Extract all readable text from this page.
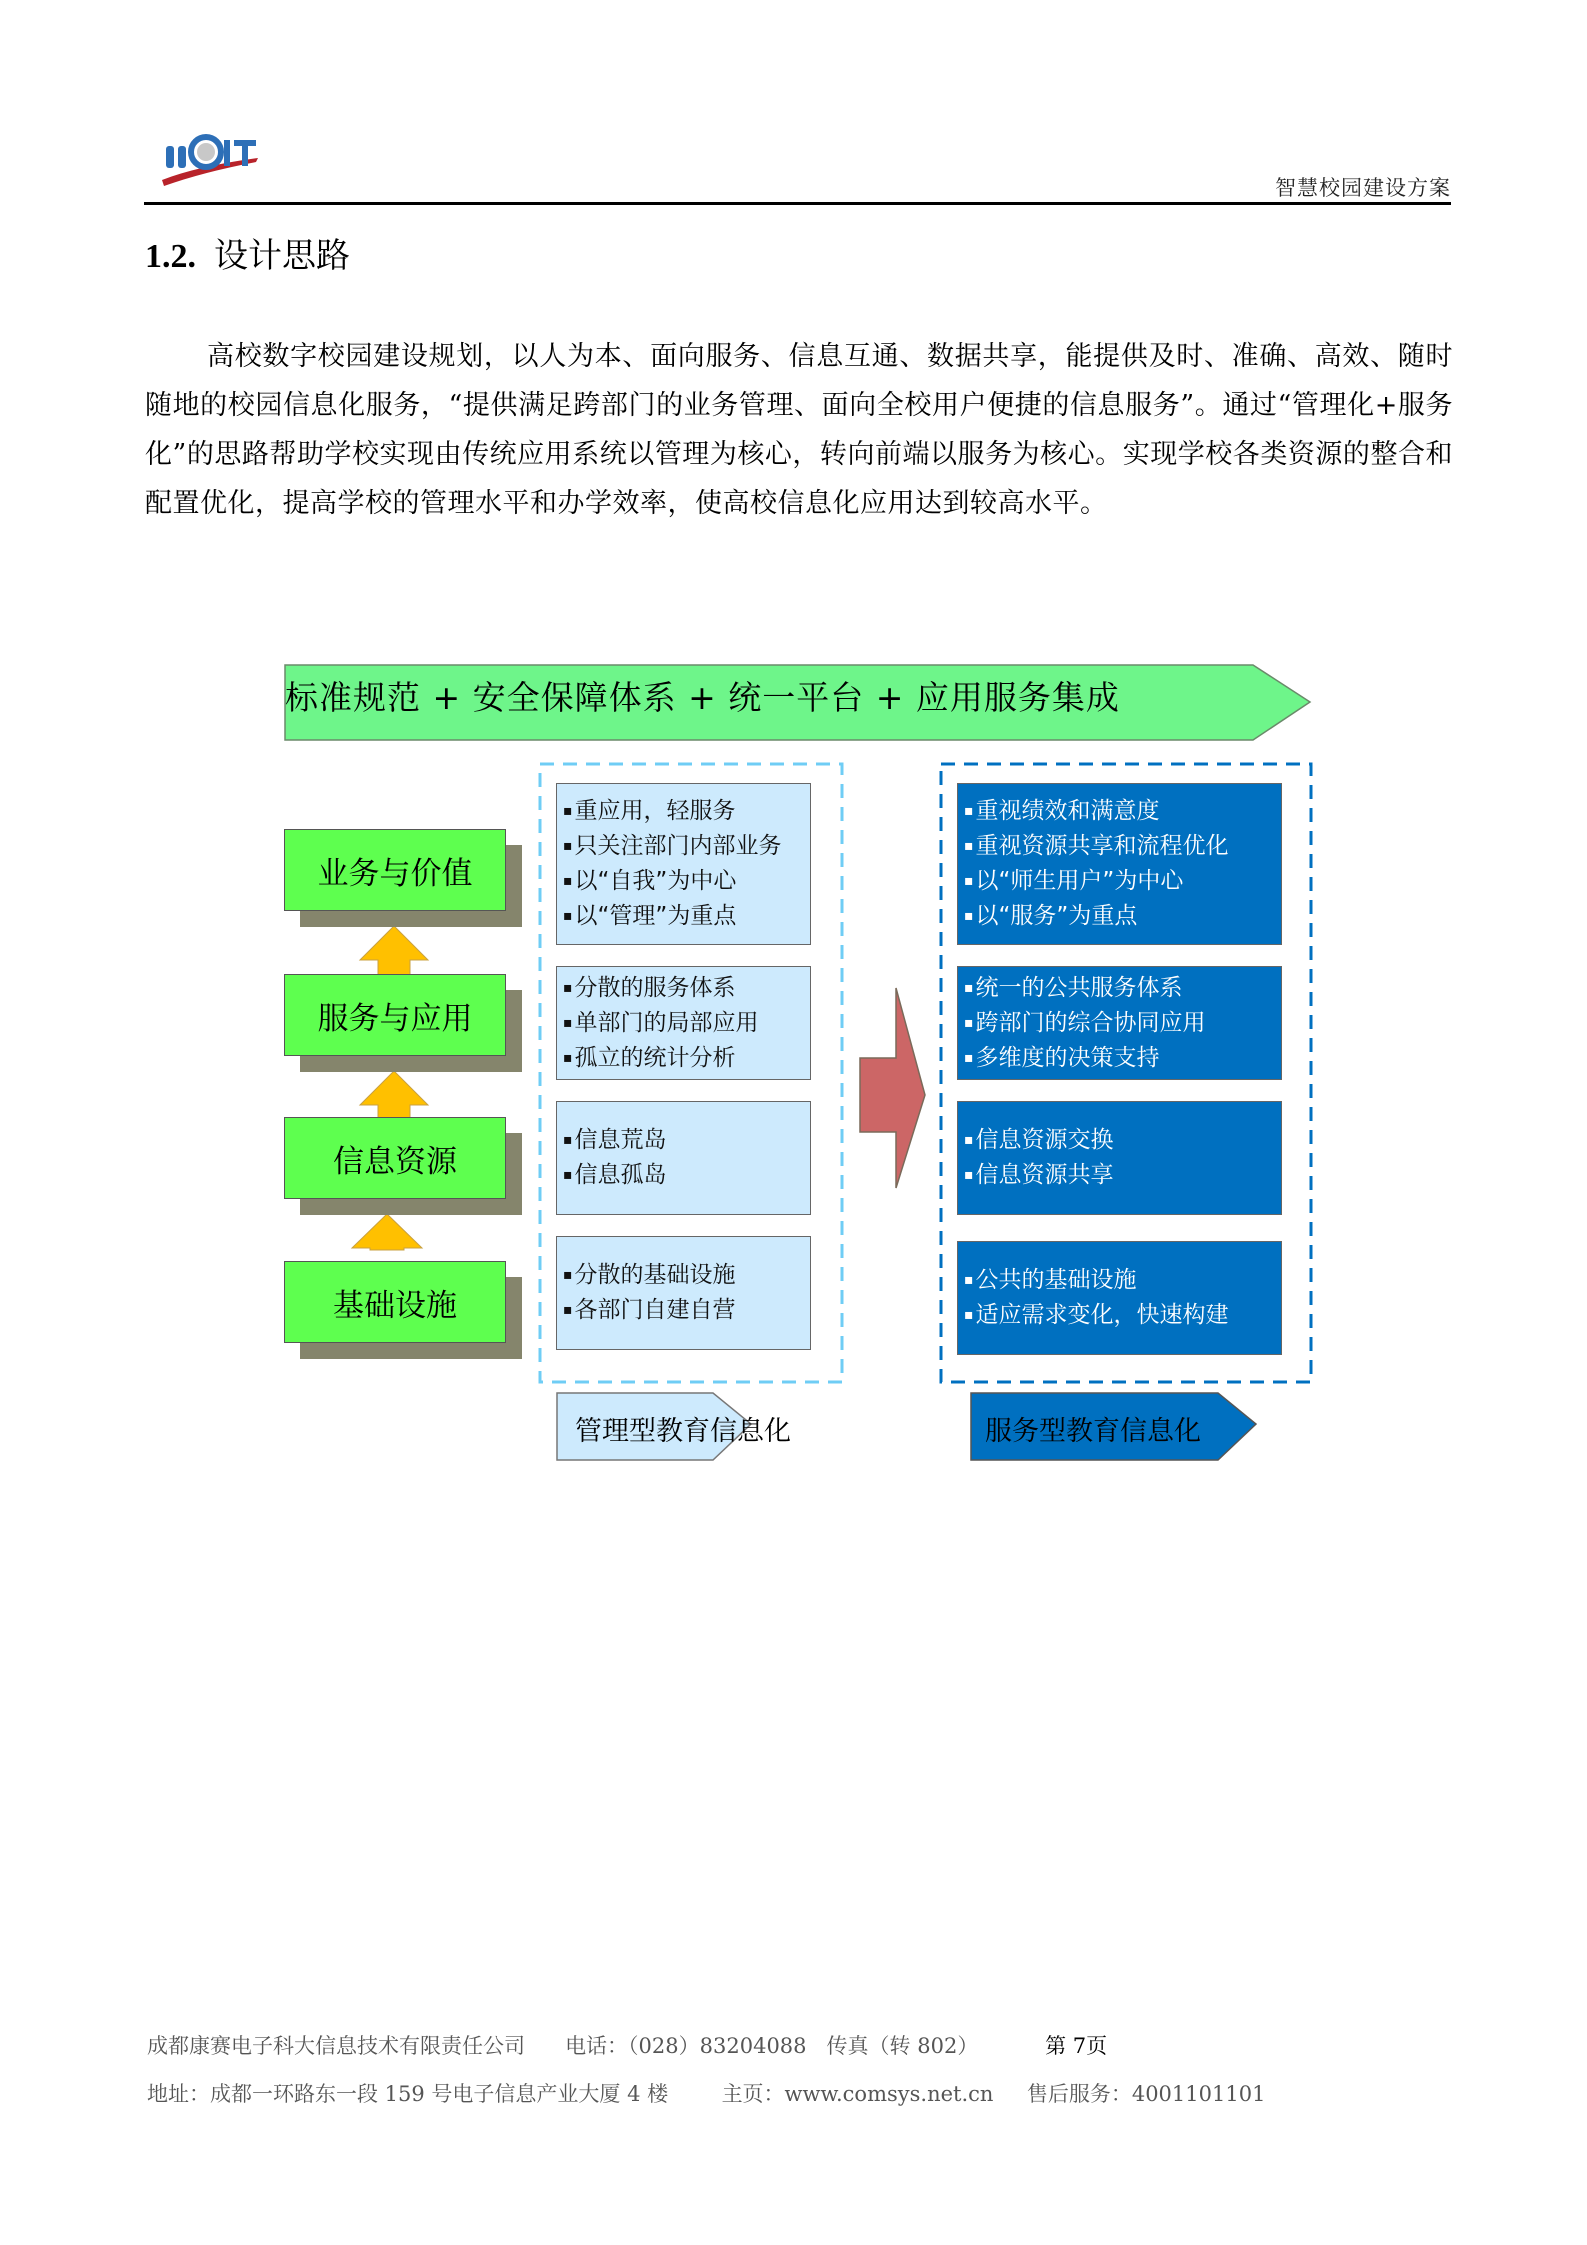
智慧校园建设方案
1.2. 设计思路
高校数字校园建设规划，以人为本、面向服务、信息互通、数据共享，能提供及时、准确、高效、随时随地的校园信息化服务，“提供满足跨部门的业务管理、面向全校用户便捷的信息服务”。通过“管理化+服务化”的思路帮助学校实现由传统应用系统以管理为核心，转向前端以服务为核心。实现学校各类资源的整合和配置优化，提高学校的管理水平和办学效率，使高校信息化应用达到较高水平。
标准规范 + 安全保障体系 + 统一平台 + 应用服务集成
业务与价值
服务与应用
信息资源
基础设施
▪ 重应用，轻服务
▪ 只关注部门内部业务
▪ 以“自我”为中心
▪ 以“管理”为重点
▪ 分散的服务体系
▪ 单部门的局部应用
▪ 孤立的统计分析
▪ 信息荒岛
▪ 信息孤岛
▪ 分散的基础设施
▪ 各部门自建自营
▪ 重视绩效和满意度
▪ 重视资源共享和流程优化
▪ 以“师生用户”为中心
▪ 以“服务”为重点
▪ 统一的公共服务体系
▪ 跨部门的综合协同应用
▪ 多维度的决策支持
▪ 信息资源交换
▪ 信息资源共享
▪ 公共的基础设施
▪ 适应需求变化，快速构建
管理型教育信息化	服务型教育信息化
成都康赛电子科大信息技术有限责任公司 电话：（028）83204088   传真（转 802）	第 7页
地址：成都一环路东一段 159 号电子信息产业大厦 4 楼	主页：www.comsys.net.cn 售后服务：4001101101
